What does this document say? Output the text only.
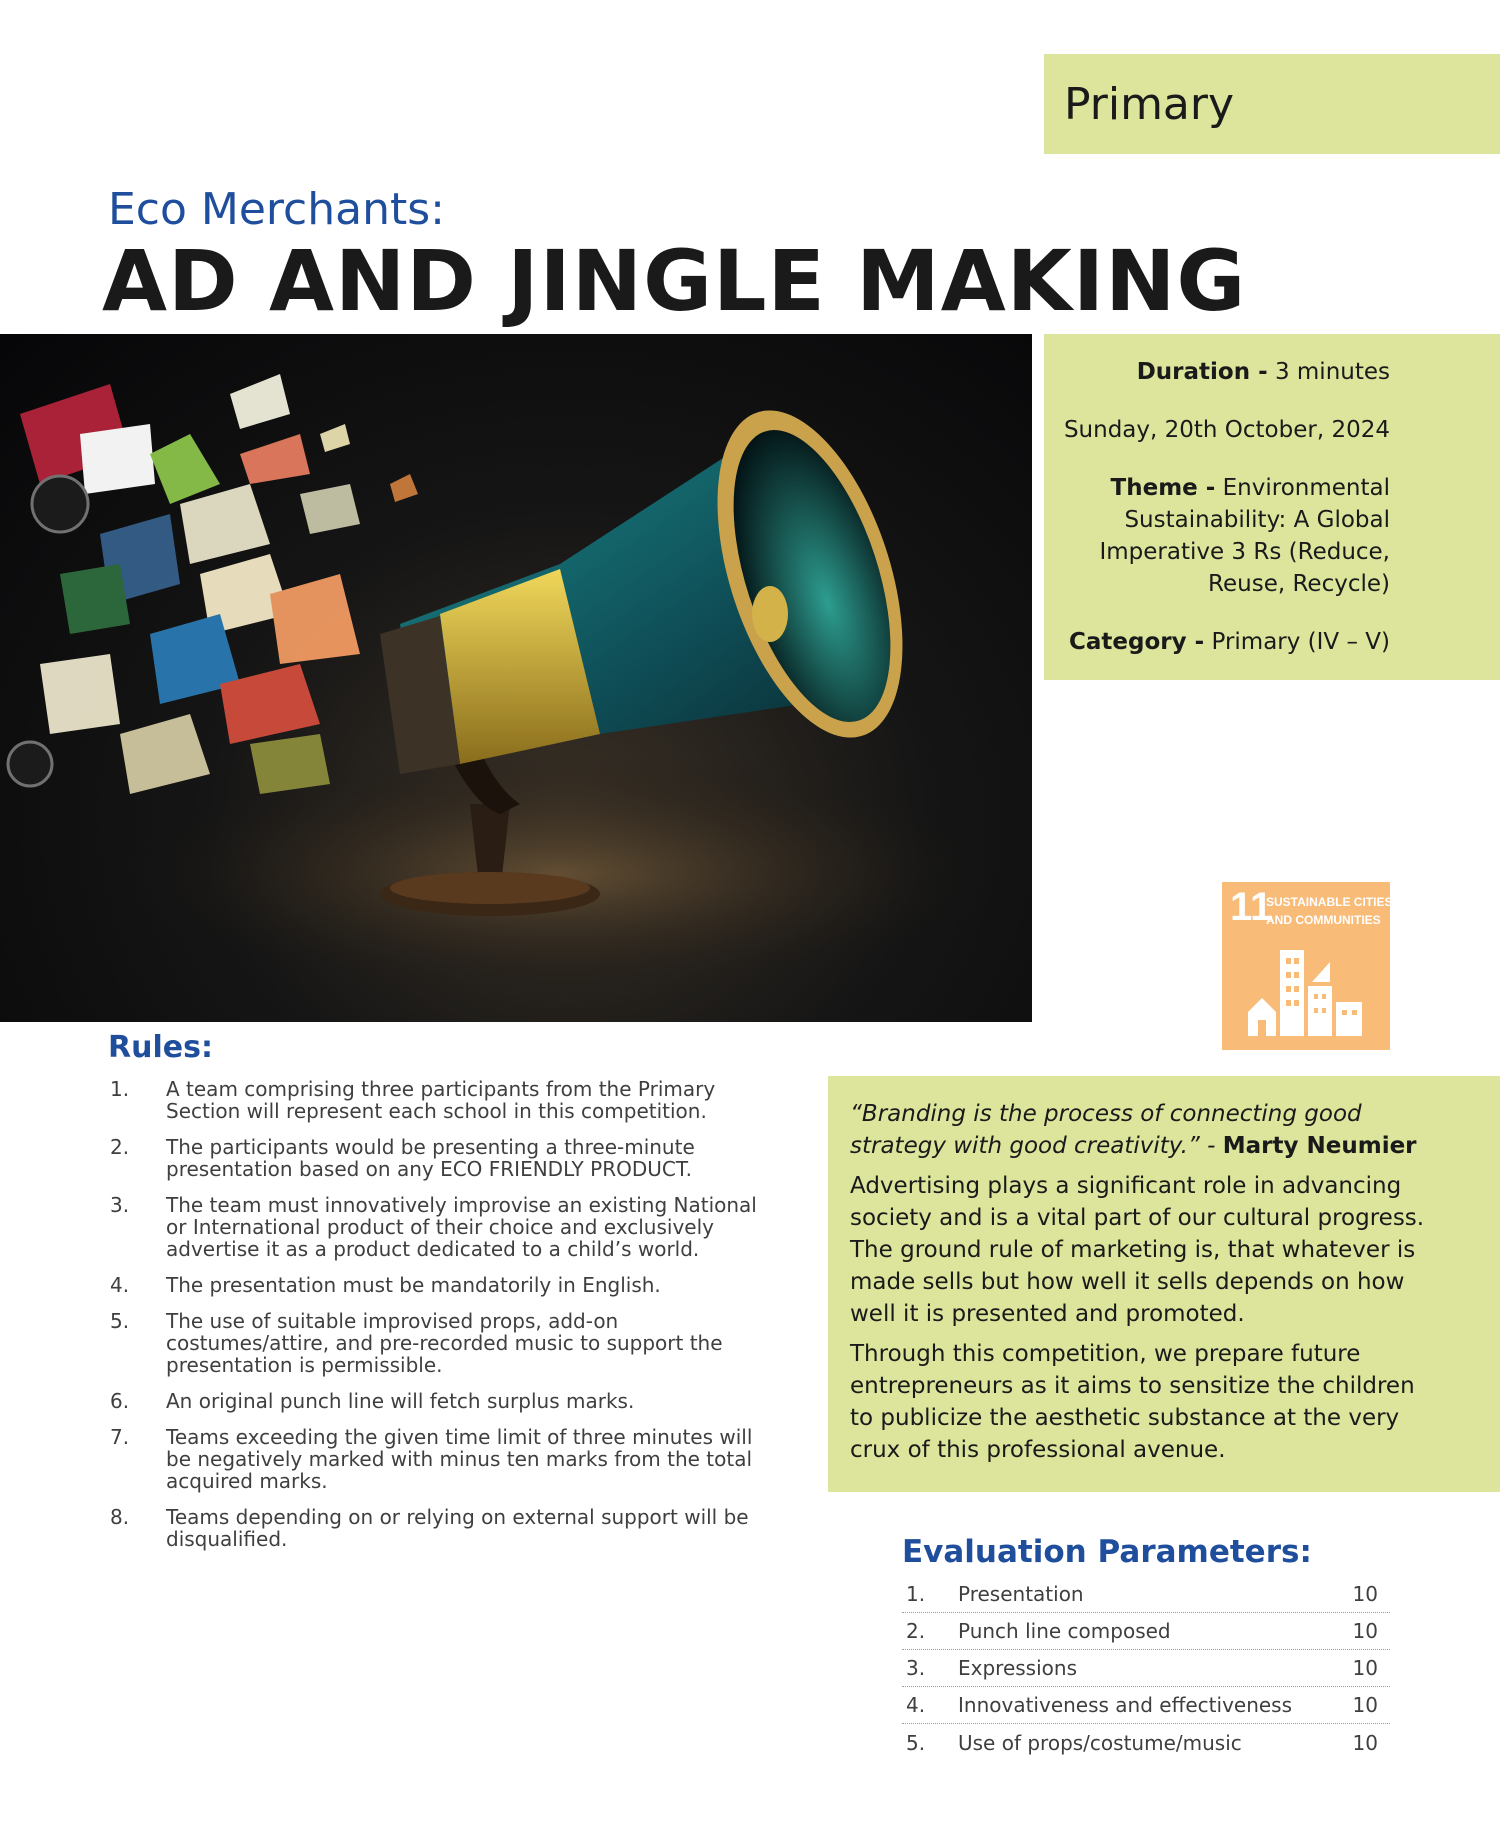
Primary
Eco Merchants:
AD AND JINGLE MAKING

Duration - 3 minutes

Sunday, 20th October, 2024

Theme - Environmental Sustainability: A Global Imperative 3 Rs (Reduce, Reuse, Recycle)

Category - Primary (IV – V)

11
SUSTAINABLE CITIES
AND COMMUNITIES
Rules:
1.	A team comprising three participants from the Primary Section will represent each school in this competition.
2.	The participants would be presenting a three-minute presentation based on any ECO FRIENDLY PRODUCT.
3.	The team must innovatively improvise an existing National or International product of their choice and exclusively advertise it as a product dedicated to a child’s world.
4.	The presentation must be mandatorily in English.
5.	The use of suitable improvised props, add-on costumes/attire, and pre-recorded music to support the presentation is permissible.
6.	An original punch line will fetch surplus marks.
7.	Teams exceeding the given time limit of three minutes will be negatively marked with minus ten marks from the total acquired marks.
8.	Teams depending on or relying on external support will be disqualified.

“Branding is the process of connecting good strategy with good creativity.” - Marty Neumier

Advertising plays a significant role in advancing society and is a vital part of our cultural progress. The ground rule of marketing is, that whatever is made sells but how well it sells depends on how well it is presented and promoted.

Through this competition, we prepare future entrepreneurs as it aims to sensitize the children to publicize the aesthetic substance at the very crux of this professional avenue.

Evaluation Parameters:
1.	Presentation	10
2.	Punch line composed	10
3.	Expressions	10
4.	Innovativeness and effectiveness	10
5.	Use of props/costume/music	10
